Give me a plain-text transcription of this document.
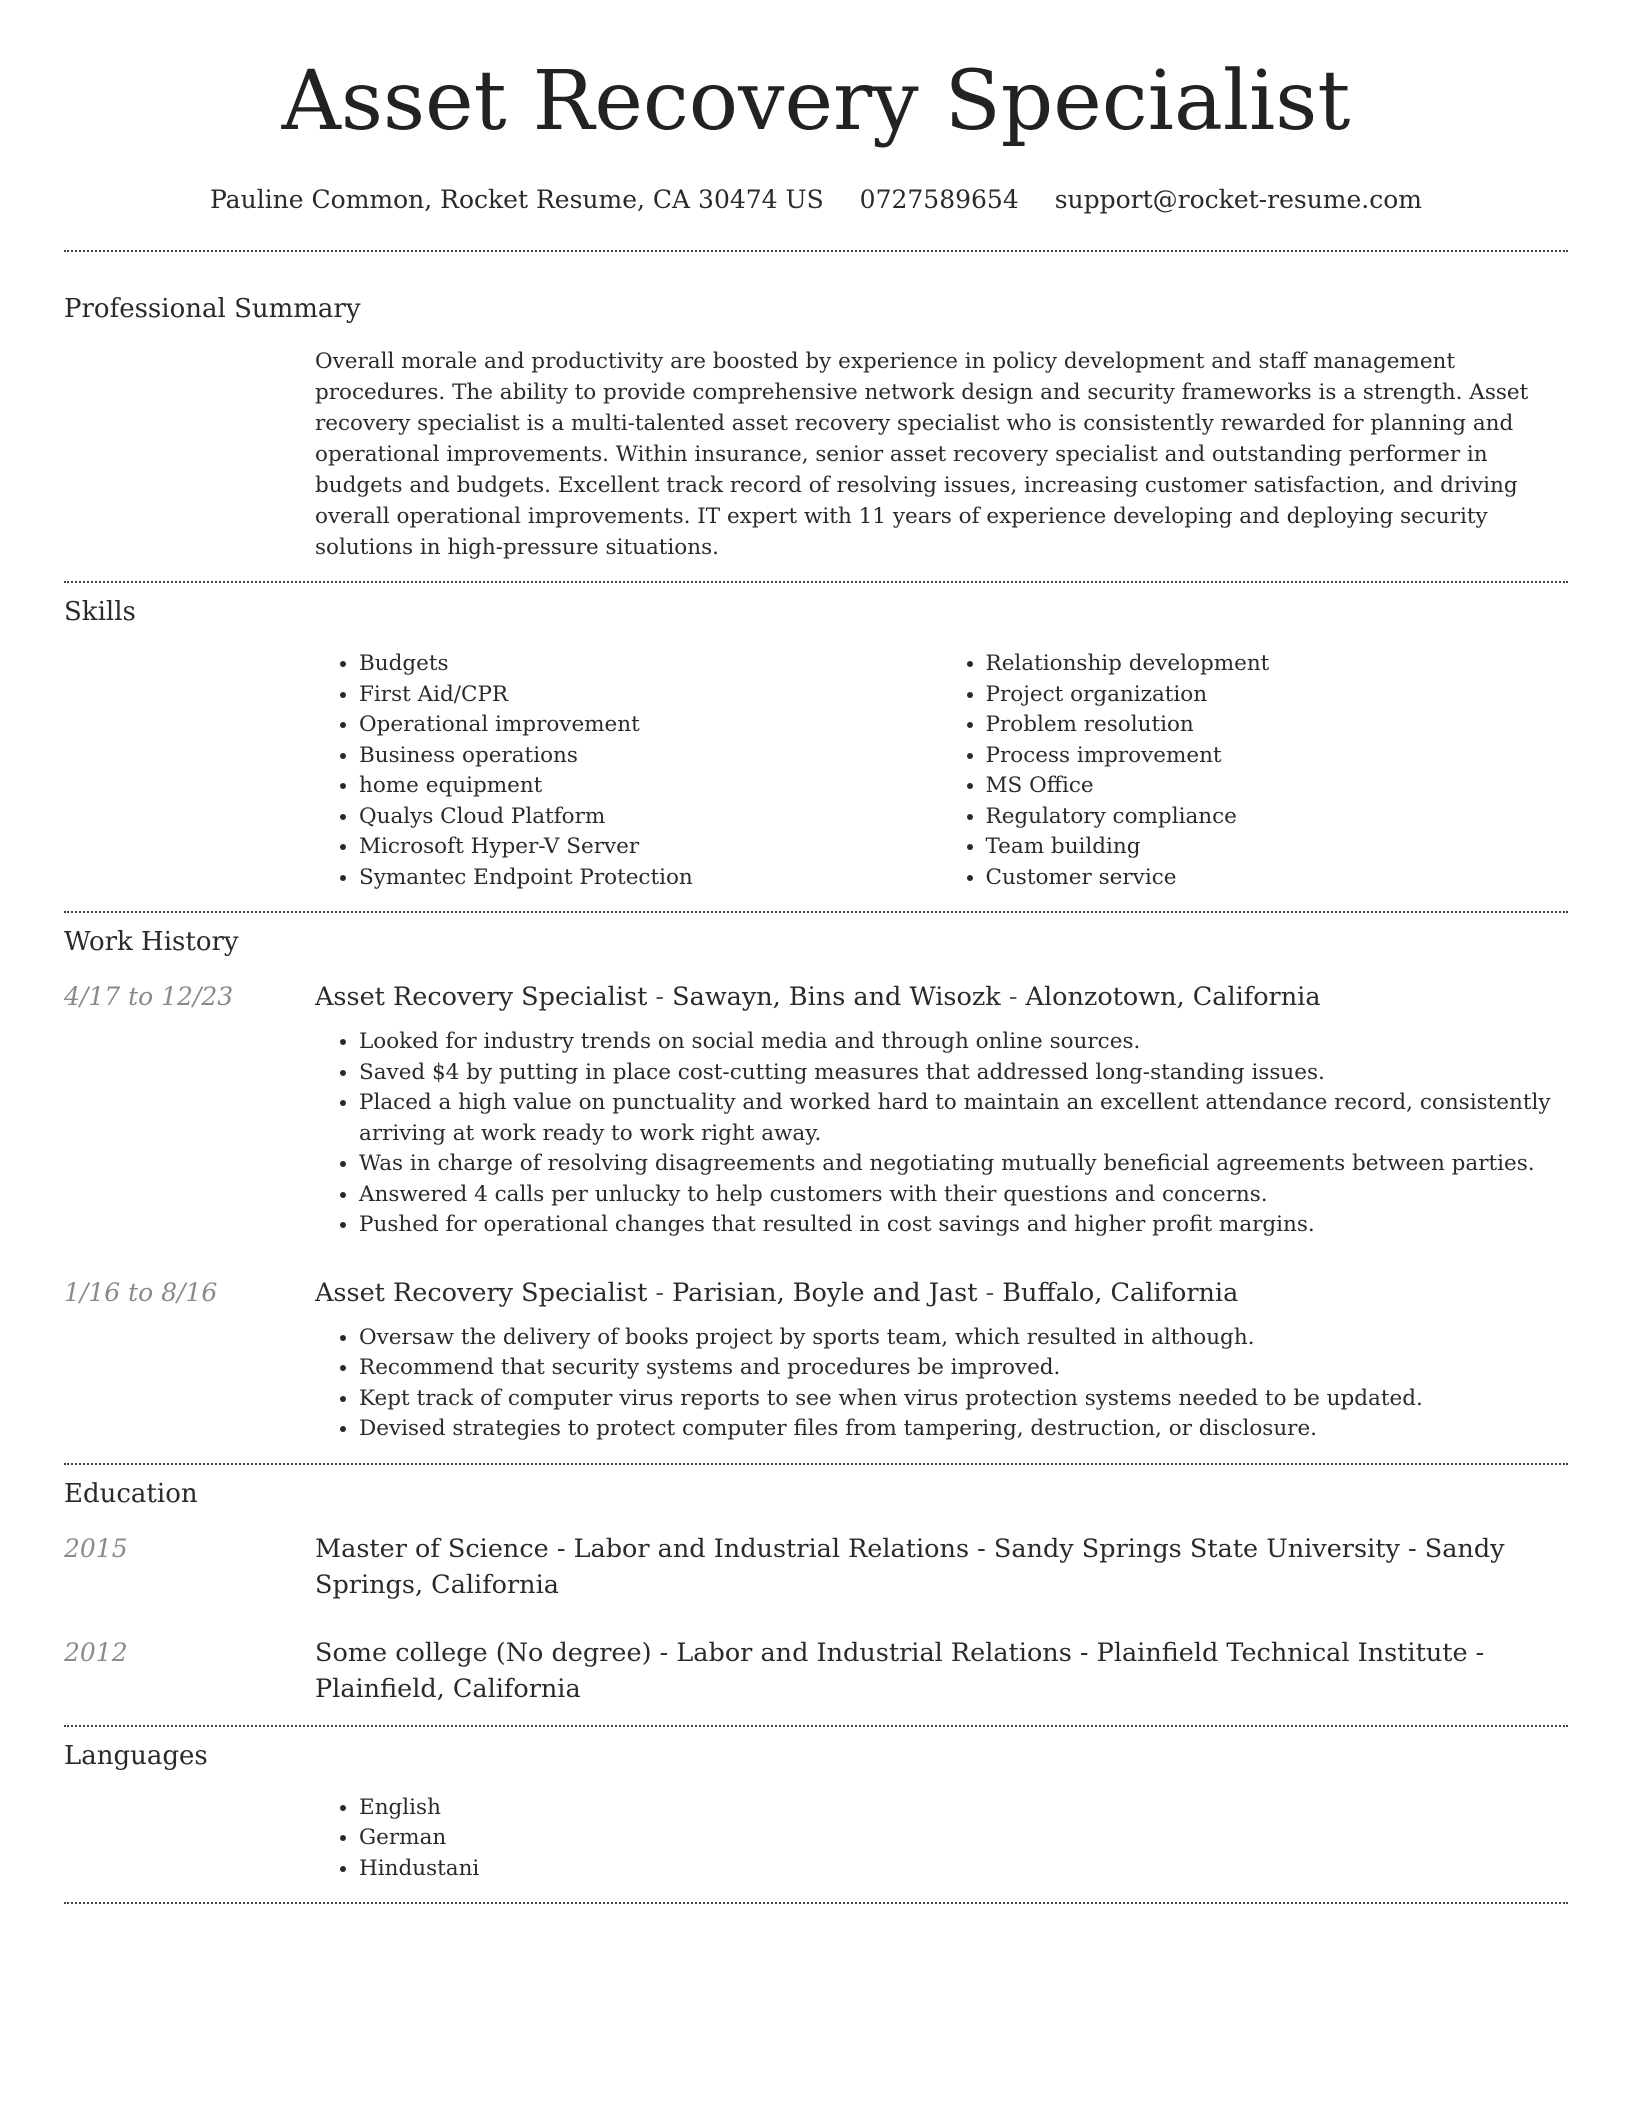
Asset Recovery Specialist
Pauline Common, Rocket Resume, CA 30474 US 0727589654 support@rocket-resume.com
Professional Summary

Overall morale and productivity are boosted by experience in policy development and staff management procedures. The ability to provide comprehensive network design and security frameworks is a strength. Asset recovery specialist is a multi-talented asset recovery specialist who is consistently rewarded for planning and operational improvements. Within insurance, senior asset recovery specialist and outstanding performer in budgets and budgets. Excellent track record of resolving issues, increasing customer satisfaction, and driving overall operational improvements. IT expert with 11 years of experience developing and deploying security solutions in high-pressure situations.

Skills
• Budgets
• First Aid/CPR
• Operational improvement
• Business operations
• home equipment
• Qualys Cloud Platform
• Microsoft Hyper-V Server
• Symantec Endpoint Protection
• Relationship development
• Project organization
• Problem resolution
• Process improvement
• MS Office
• Regulatory compliance
• Team building
• Customer service
Work History
4/17 to 12/23	Asset Recovery Specialist - Sawayn, Bins and Wisozk - Alonzotown, California
• Looked for industry trends on social media and through online sources.
• Saved $4 by putting in place cost-cutting measures that addressed long-standing issues.
• Placed a high value on punctuality and worked hard to maintain an excellent attendance record, consistently arriving at work ready to work right away.
• Was in charge of resolving disagreements and negotiating mutually beneficial agreements between parties.
• Answered 4 calls per unlucky to help customers with their questions and concerns.
• Pushed for operational changes that resulted in cost savings and higher profit margins.
1/16 to 8/16	Asset Recovery Specialist - Parisian, Boyle and Jast - Buffalo, California
• Oversaw the delivery of books project by sports team, which resulted in although.
• Recommend that security systems and procedures be improved.
• Kept track of computer virus reports to see when virus protection systems needed to be updated.
• Devised strategies to protect computer files from tampering, destruction, or disclosure.
Education
2015	Master of Science - Labor and Industrial Relations - Sandy Springs State University - Sandy Springs, California
2012	Some college (No degree) - Labor and Industrial Relations - Plainfield Technical Institute - Plainfield, California
Languages
• English
• German
• Hindustani
